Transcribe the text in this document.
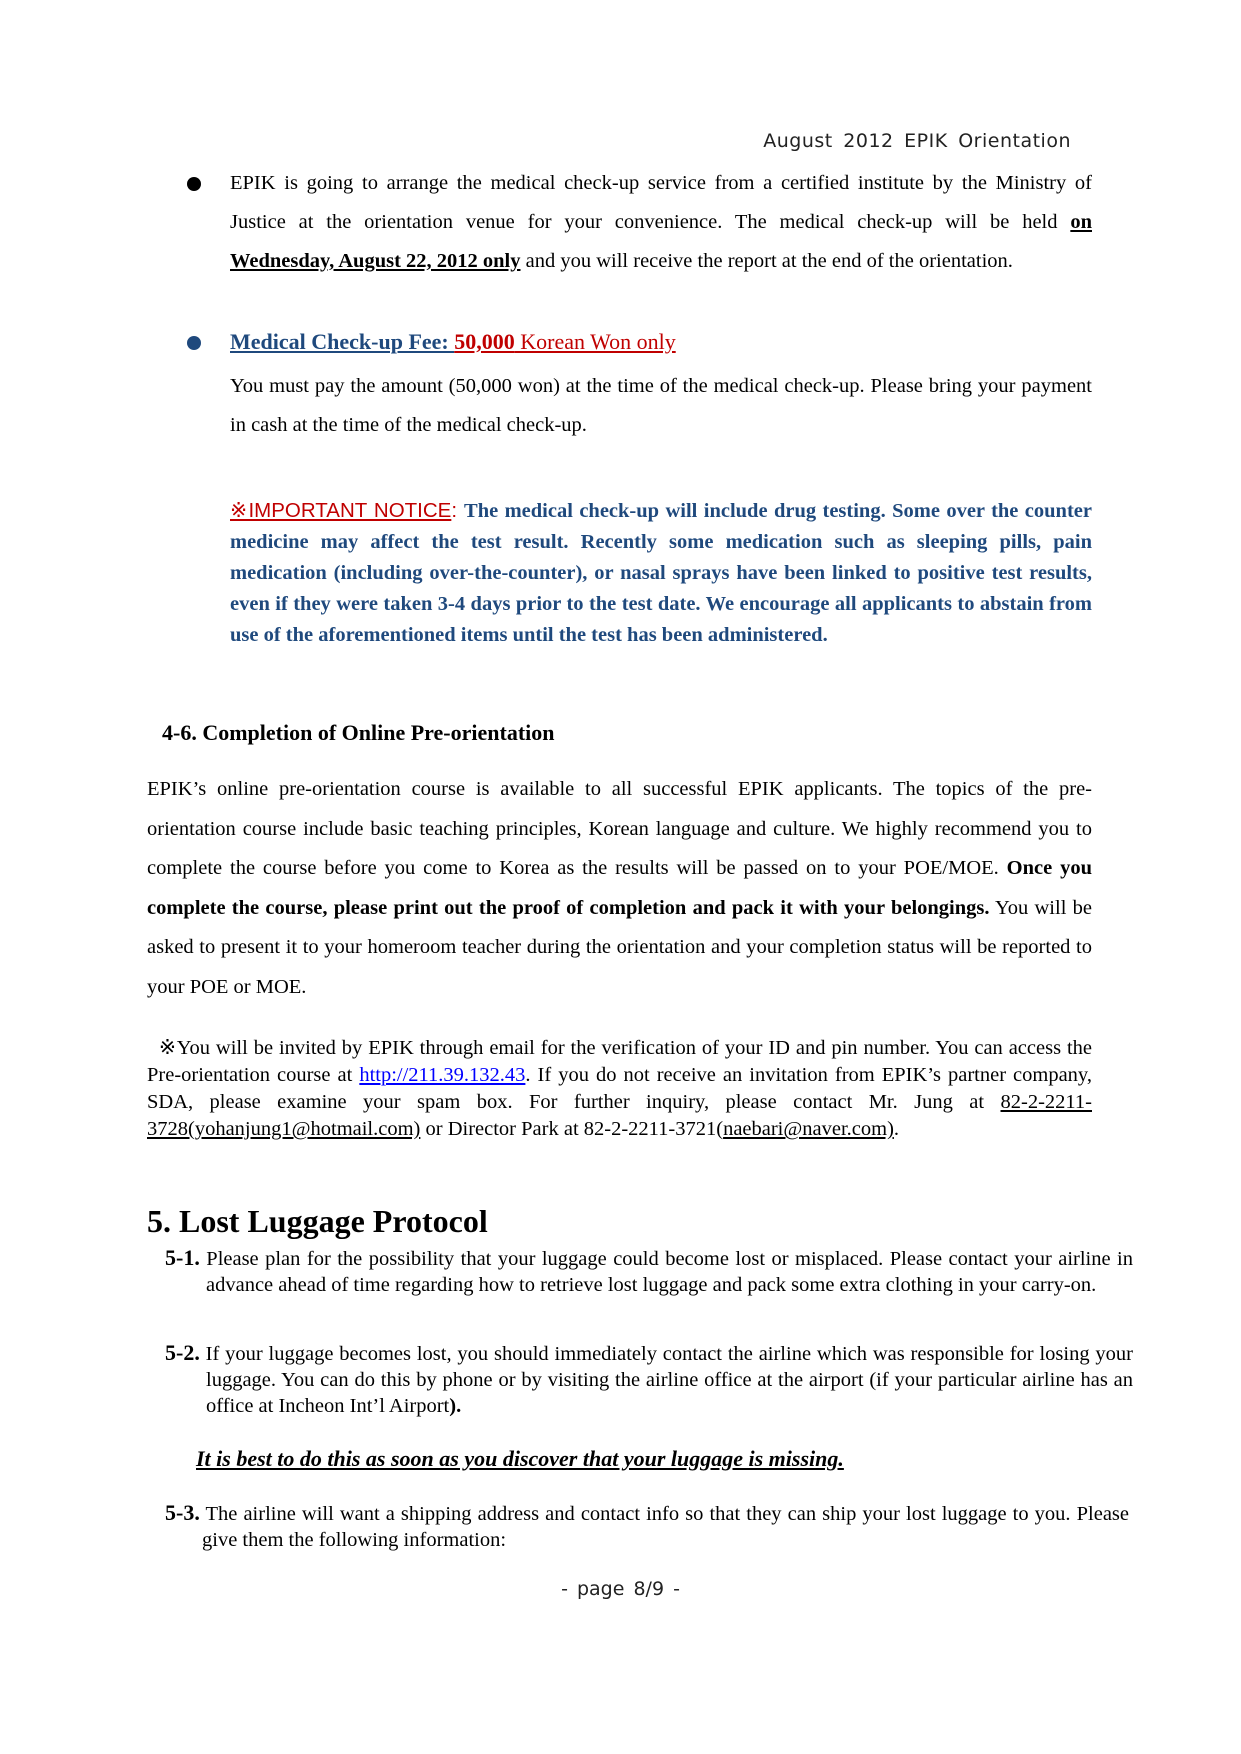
August 2012 EPIK Orientation
EPIK is going to arrange the medical check-up service from a certified institute by the Ministry of Justice at the orientation venue for your convenience. The medical check-up will be held on Wednesday, August 22, 2012 only and you will receive the report at the end of the orientation.
Medical Check-up Fee: 50,000 Korean Won only
You must pay the amount (50,000 won) at the time of the medical check-up. Please bring your payment in cash at the time of the medical check-up.
※IMPORTANT NOTICE: The medical check-up will include drug testing. Some over the counter medicine may affect the test result. Recently some medication such as sleeping pills, pain medication (including over-the-counter), or nasal sprays have been linked to positive test results, even if they were taken 3-4 days prior to the test date. We encourage all applicants to abstain from use of the aforementioned items until the test has been administered.
4-6. Completion of Online Pre-orientation
EPIK’s online pre-orientation course is available to all successful EPIK applicants. The topics of the pre-orientation course include basic teaching principles, Korean language and culture. We highly recommend you to complete the course before you come to Korea as the results will be passed on to your POE/MOE. Once you complete the course, please print out the proof of completion and pack it with your belongings. You will be asked to present it to your homeroom teacher during the orientation and your completion status will be reported to your POE or MOE.
※You will be invited by EPIK through email for the verification of your ID and pin number. You can access the Pre-orientation course at http://211.39.132.43. If you do not receive an invitation from EPIK’s partner company, SDA, please examine your spam box. For further inquiry, please contact Mr. Jung at 82-2-2211-3728(yohanjung1@hotmail.com) or Director Park at 82-2-2211-3721(naebari@naver.com).
5. Lost Luggage Protocol
5-1. Please plan for the possibility that your luggage could become lost or misplaced. Please contact your airline in advance ahead of time regarding how to retrieve lost luggage and pack some extra clothing in your carry-on.
5-2. If your luggage becomes lost, you should immediately contact the airline which was responsible for losing your luggage. You can do this by phone or by visiting the airline office at the airport (if your particular airline has an office at Incheon Int’l Airport).
It is best to do this as soon as you discover that your luggage is missing.
5-3. The airline will want a shipping address and contact info so that they can ship your lost luggage to you. Please give them the following information:
- page 8/9 -
